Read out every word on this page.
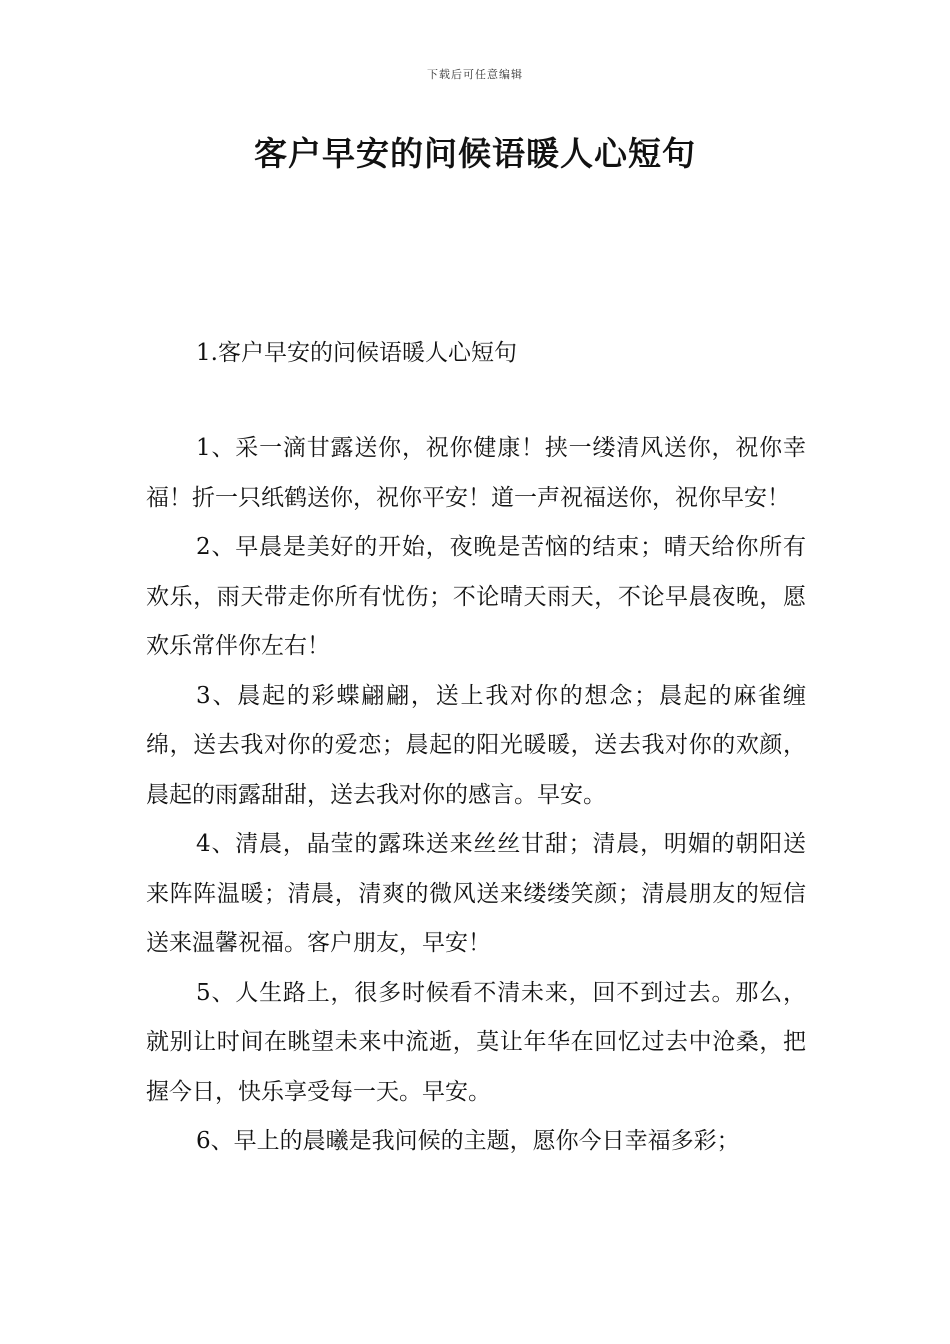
下载后可任意编辑
客户早安的问候语暖人心短句
1.客户早安的问候语暖人心短句

1、采一滴甘露送你，祝你健康！挟一缕清风送你，祝你幸福！折一只纸鹤送你，祝你平安！道一声祝福送你，祝你早安！

2、早晨是美好的开始，夜晚是苦恼的结束；晴天给你所有欢乐，雨天带走你所有忧伤；不论晴天雨天，不论早晨夜晚，愿欢乐常伴你左右！

3、晨起的彩蝶翩翩，送上我对你的想念；晨起的麻雀缠绵，送去我对你的爱恋；晨起的阳光暖暖，送去我对你的欢颜，晨起的雨露甜甜，送去我对你的感言。早安。

4、清晨，晶莹的露珠送来丝丝甘甜；清晨，明媚的朝阳送来阵阵温暖；清晨，清爽的微风送来缕缕笑颜；清晨朋友的短信送来温馨祝福。客户朋友，早安！

5、人生路上，很多时候看不清未来，回不到过去。那么，就别让时间在眺望未来中流逝，莫让年华在回忆过去中沧桑，把握今日，快乐享受每一天。早安。

6、早上的晨曦是我问候的主题，愿你今日幸福多彩；
